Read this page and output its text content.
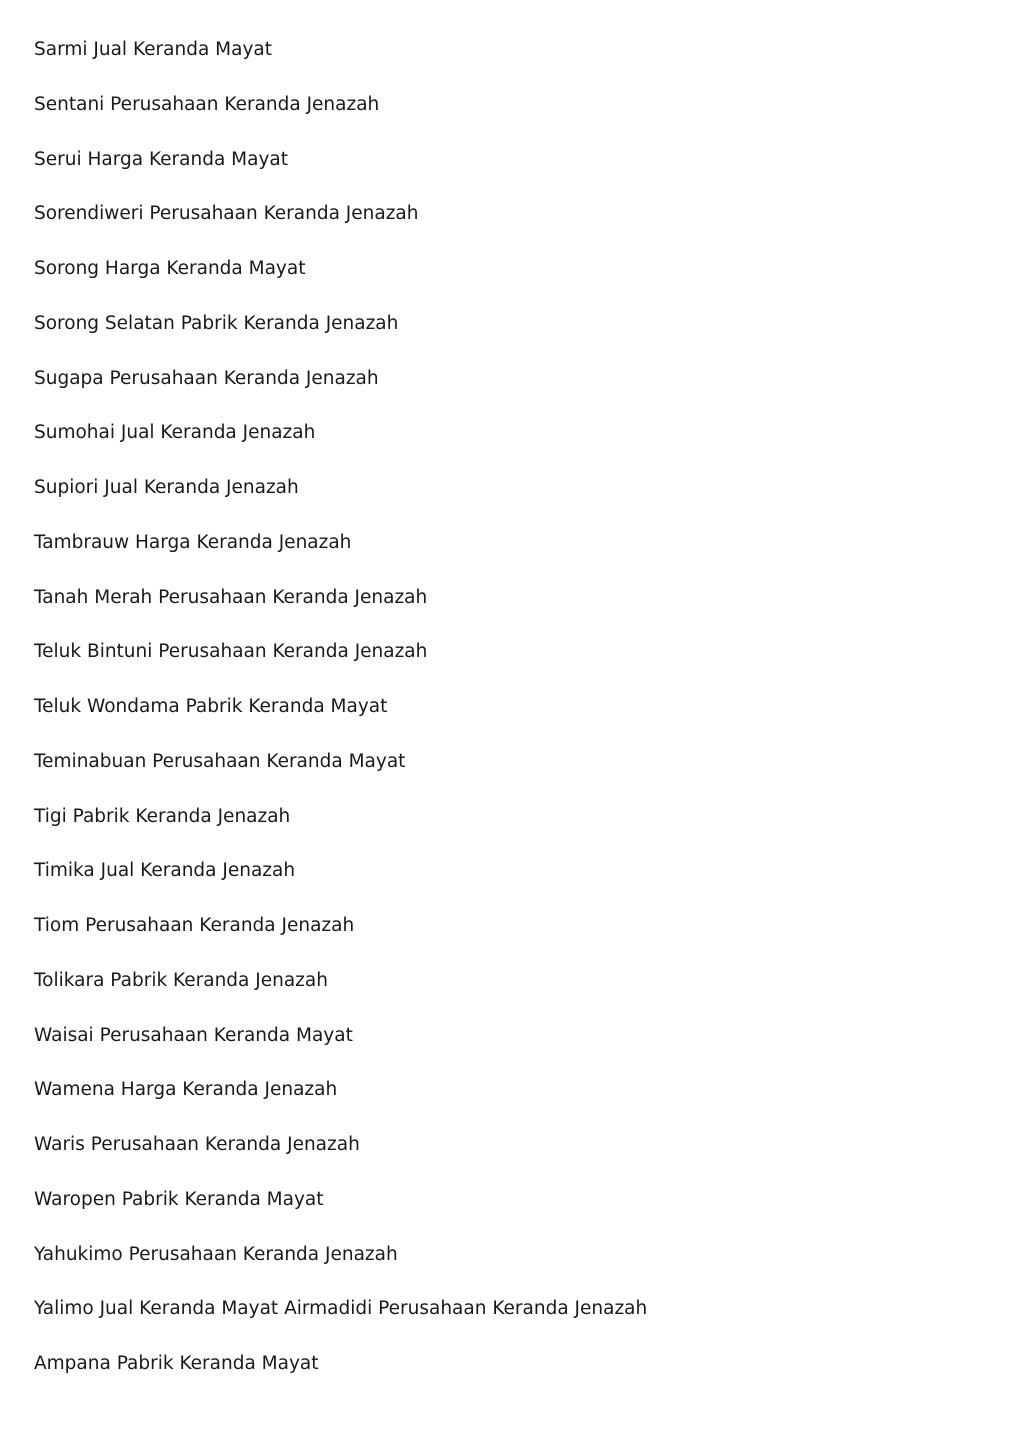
Sarmi Jual Keranda Mayat
Sentani Perusahaan Keranda Jenazah
Serui Harga Keranda Mayat
Sorendiweri Perusahaan Keranda Jenazah
Sorong Harga Keranda Mayat
Sorong Selatan Pabrik Keranda Jenazah
Sugapa Perusahaan Keranda Jenazah
Sumohai Jual Keranda Jenazah
Supiori Jual Keranda Jenazah
Tambrauw Harga Keranda Jenazah
Tanah Merah Perusahaan Keranda Jenazah
Teluk Bintuni Perusahaan Keranda Jenazah
Teluk Wondama Pabrik Keranda Mayat
Teminabuan Perusahaan Keranda Mayat
Tigi Pabrik Keranda Jenazah
Timika Jual Keranda Jenazah
Tiom Perusahaan Keranda Jenazah
Tolikara Pabrik Keranda Jenazah
Waisai Perusahaan Keranda Mayat
Wamena Harga Keranda Jenazah
Waris Perusahaan Keranda Jenazah
Waropen Pabrik Keranda Mayat
Yahukimo Perusahaan Keranda Jenazah
Yalimo Jual Keranda Mayat Airmadidi Perusahaan Keranda Jenazah
Ampana Pabrik Keranda Mayat
